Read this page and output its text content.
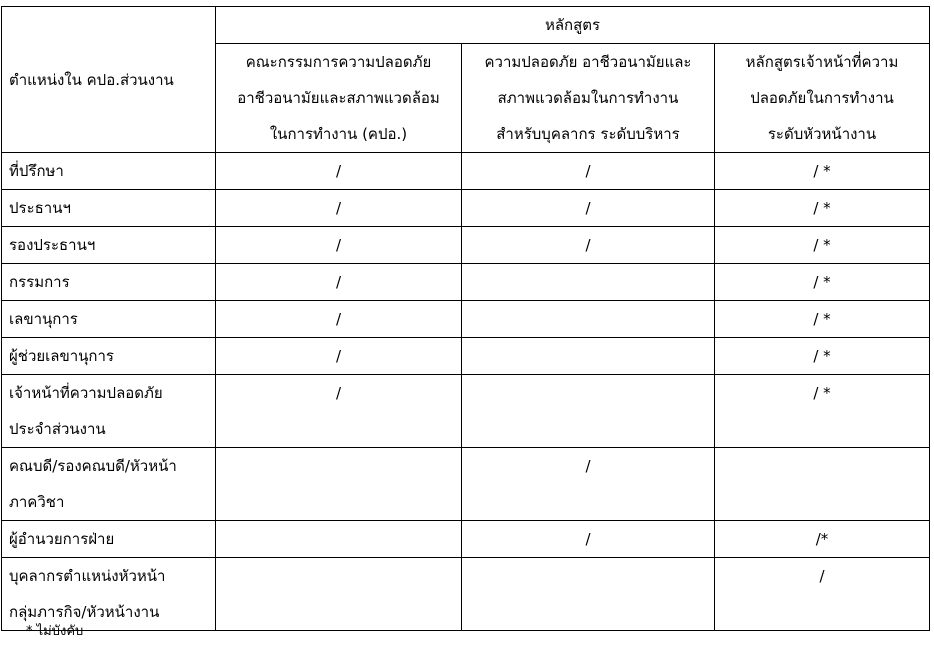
ตำแหน่งใน คปอ.ส่วนงาน	หลักสูตร		

	คณะกรรมการความปลอดภัย
อาชีวอนามัยและสภาพแวดล้อม
ในการทำงาน (คปอ.)	ความปลอดภัย อาชีวอนามัยและ
สภาพแวดล้อมในการทำงาน
สำหรับบุคลากร ระดับบริหาร	หลักสูตรเจ้าหน้าที่ความ
ปลอดภัยในการทำงาน
ระดับหัวหน้างาน

ที่ปรึกษา	/	/	/ *

ประธานฯ	/	/	/ *

รองประธานฯ	/	/	/ *

กรรมการ	/		/ *

เลขานุการ	/		/ *

ผู้ช่วยเลขานุการ	/		/ *

เจ้าหน้าที่ความปลอดภัย
ประจำส่วนงาน	/		/ *

คณบดี/รองคณบดี/หัวหน้า
ภาควิชา		/	

ผู้อำนวยการฝ่าย		/	/*

บุคลากรตำแหน่งหัวหน้า
กลุ่มภารกิจ/หัวหน้างาน			/
* ไม่บังคับ
